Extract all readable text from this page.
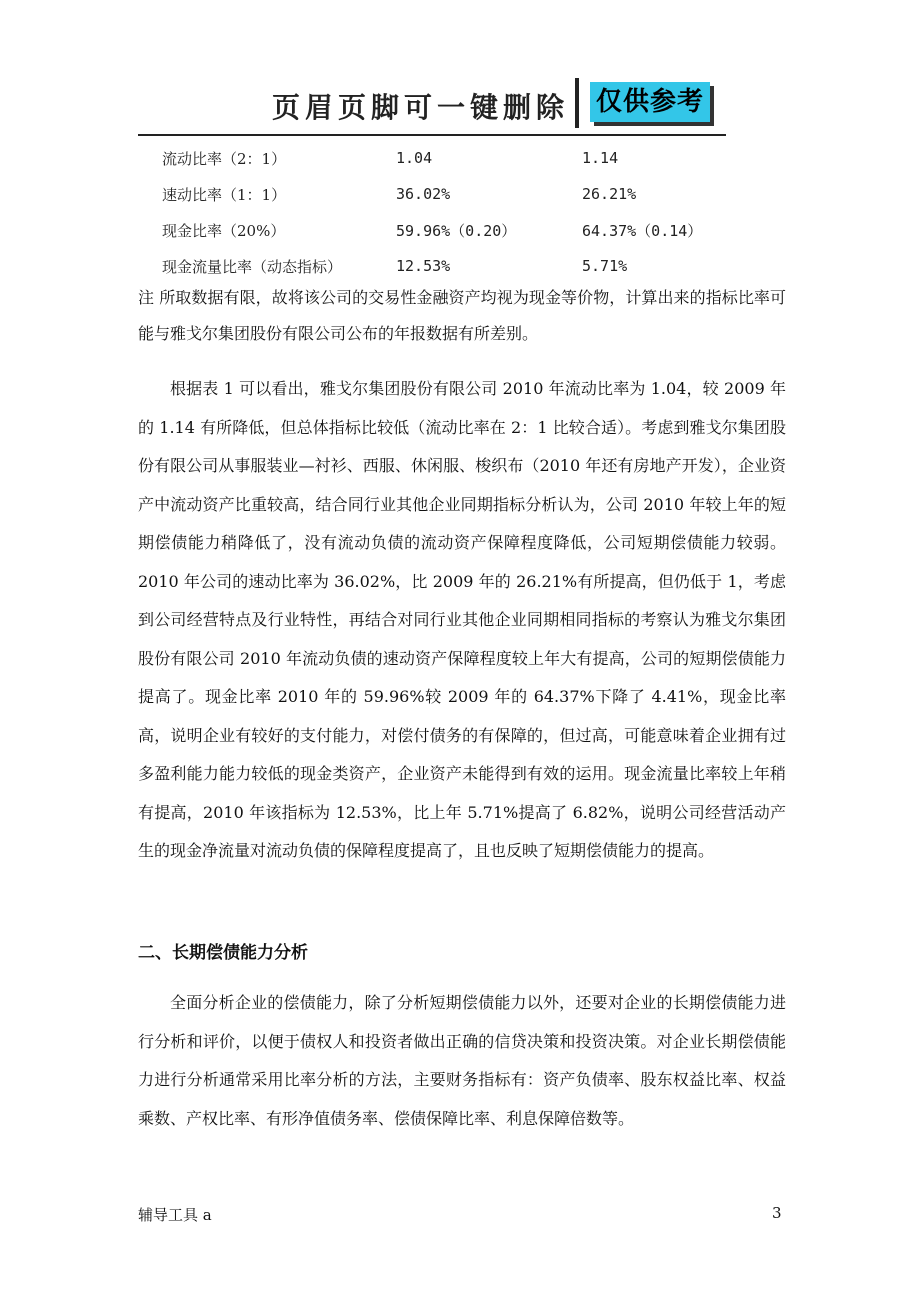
页眉页脚可一键删除 仅供参考
流动比率（2：1）	1.04	1.14
速动比率（1：1）	36.02%	26.21%
现金比率（20%）	59.96%（0.20）	64.37%（0.14）
现金流量比率（动态指标）	12.53%	5.71%

注 所取数据有限，故将该公司的交易性金融资产均视为现金等价物，计算出来的指标比率可能与雅戈尔集团股份有限公司公布的年报数据有所差别。

根据表 1 可以看出，雅戈尔集团股份有限公司 2010 年流动比率为 1.04，较 2009 年的 1.14 有所降低，但总体指标比较低（流动比率在 2：1 比较合适）。考虑到雅戈尔集团股份有限公司从事服装业—衬衫、西服、休闲服、梭织布（2010 年还有房地产开发），企业资产中流动资产比重较高，结合同行业其他企业同期指标分析认为，公司 2010 年较上年的短期偿债能力稍降低了，没有流动负债的流动资产保障程度降低，公司短期偿债能力较弱。2010 年公司的速动比率为 36.02%，比 2009 年的 26.21%有所提高，但仍低于 1，考虑到公司经营特点及行业特性，再结合对同行业其他企业同期相同指标的考察认为雅戈尔集团股份有限公司 2010 年流动负债的速动资产保障程度较上年大有提高，公司的短期偿债能力提高了。现金比率 2010 年的 59.96%较 2009 年的 64.37%下降了 4.41%，现金比率高，说明企业有较好的支付能力，对偿付债务的有保障的，但过高，可能意味着企业拥有过多盈利能力能力较低的现金类资产，企业资产未能得到有效的运用。现金流量比率较上年稍有提高，2010 年该指标为 12.53%，比上年 5.71%提高了 6.82%，说明公司经营活动产生的现金净流量对流动负债的保障程度提高了，且也反映了短期偿债能力的提高。

二、长期偿债能力分析

全面分析企业的偿债能力，除了分析短期偿债能力以外，还要对企业的长期偿债能力进行分析和评价，以便于债权人和投资者做出正确的信贷决策和投资决策。对企业长期偿债能力进行分析通常采用比率分析的方法，主要财务指标有：资产负债率、股东权益比率、权益乘数、产权比率、有形净值债务率、偿债保障比率、利息保障倍数等。

辅导工具 a	3
